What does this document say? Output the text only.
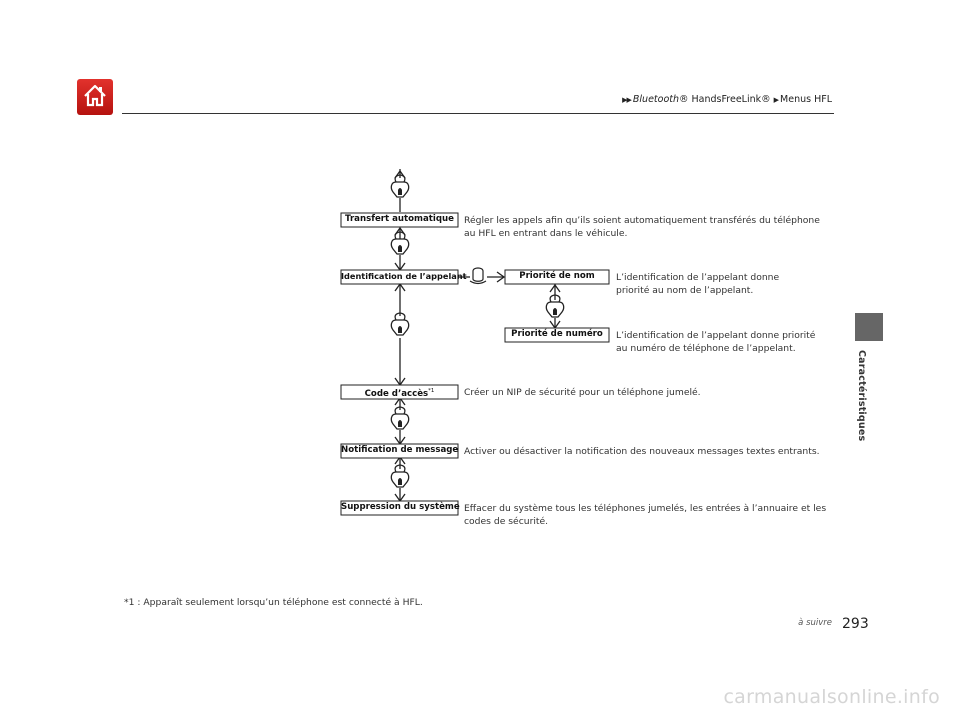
▶▶ Bluetooth® HandsFreeLink® ▶ Menus HFL
Caractéristiques
Transfert automatique
Identification de l’appelant
Code d’accès$^{*1}$
Notification de message
Suppression du système
Priorité de nom
Priorité de numéro
Régler les appels afin qu’ils soient automatiquement transférés du téléphone au HFL en entrant dans le véhicule.
L’identification de l’appelant donne priorité au nom de l’appelant.
L’identification de l’appelant donne priorité au numéro de téléphone de l’appelant.
Créer un NIP de sécurité pour un téléphone jumelé.
Activer ou désactiver la notification des nouveaux messages textes entrants.
Effacer du système tous les téléphones jumelés, les entrées à l’annuaire et les codes de sécurité.
*1 : Apparaît seulement lorsqu’un téléphone est connecté à HFL.
à suivre 293
carmanualsonline.info
